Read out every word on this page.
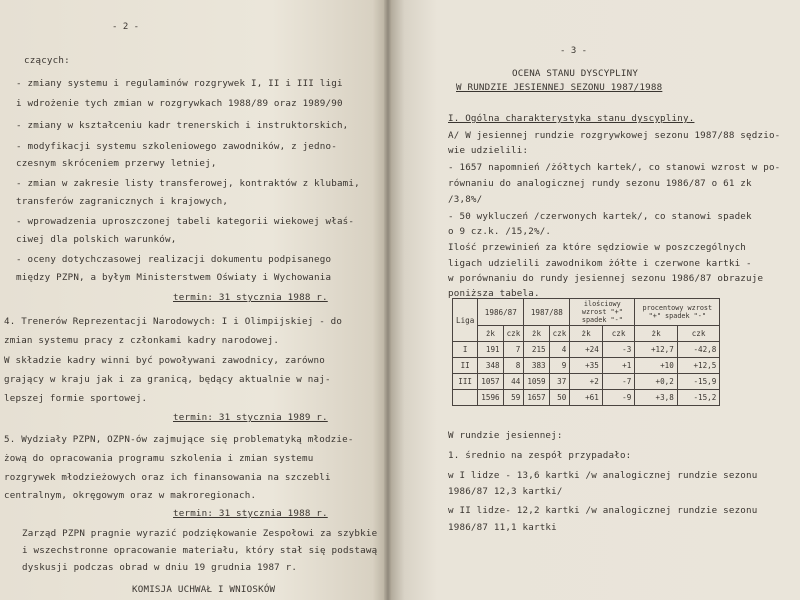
- 2 -
czących:
- zmiany systemu i regulaminów rozgrywek I, II i III ligi
i wdrożenie tych zmian w rozgrywkach 1988/89 oraz 1989/90
- zmiany w kształceniu kadr trenerskich i instruktorskich,
- modyfikacji systemu szkoleniowego zawodników, z jedno-
czesnym skróceniem przerwy letniej,
- zmian w zakresie listy transferowej, kontraktów z klubami,
transferów zagranicznych i krajowych,
- wprowadzenia uproszczonej tabeli kategorii wiekowej właś-
ciwej dla polskich warunków,
- oceny dotychczasowej realizacji dokumentu podpisanego
między PZPN, a byłym Ministerstwem Oświaty i Wychowania
termin: 31 stycznia 1988 r.
4. Trenerów Reprezentacji Narodowych: I i Olimpijskiej - do
zmian systemu pracy z członkami kadry narodowej.
W składzie kadry winni być powoływani zawodnicy, zarówno
grający w kraju jak i za granicą, będący aktualnie w naj-
lepszej formie sportowej.
termin: 31 stycznia 1989 r.
5. Wydziały PZPN, OZPN-ów zajmujące się problematyką młodzie-
żową do opracowania programu szkolenia i zmian systemu
rozgrywek młodzieżowych oraz ich finansowania na szczebli
centralnym, okręgowym oraz w makroregionach.
termin: 31 stycznia 1988 r.
Zarząd PZPN pragnie wyrazić podziękowanie Zespołowi za szybkie
i wszechstronne opracowanie materiału, który stał się podstawą
dyskusji podczas obrad w dniu 19 grudnia 1987 r.
KOMISJA UCHWAŁ I WNIOSKÓW
- 3 -
OCENA STANU DYSCYPLINY
W RUNDZIE JESIENNEJ SEZONU 1987/1988
I. Ogólna charakterystyka stanu dyscypliny.
A/ W jesiennej rundzie rozgrywkowej sezonu 1987/88 sędzio-
wie udzielili:
- 1657 napomnień /żółtych kartek/, co stanowi wzrost w po-
równaniu do analogicznej rundy sezonu 1986/87 o 61 zk
/3,8%/
- 50 wykluczeń /czerwonych kartek/, co stanowi spadek
o 9 cz.k. /15,2%/.
Ilość przewinień za które sędziowie w poszczególnych
ligach udzielili zawodnikom żółte i czerwone kartki -
w porównaniu do rundy jesiennej sezonu 1986/87 obrazuje
poniższa tabela.
Liga	1986/87		1987/88		ilościowy wzrost "+" spadek "-"		procentowy wzrost "+" spadek "-"	
	żk	czk	żk	czk	żk	czk	żk	czk
I	191	7	215	4	+24	-3	+12,7	-42,8
II	348	8	383	9	+35	+1	+10	+12,5
III	1057	44	1059	37	+2	-7	+0,2	-15,9
	1596	59	1657	50	+61	-9	+3,8	-15,2
W rundzie jesiennej:
1. średnio na zespół przypadało:
w I lidze - 13,6 kartki /w analogicznej rundzie sezonu
1986/87 12,3 kartki/
w II lidze- 12,2 kartki /w analogicznej rundzie sezonu
1986/87 11,1 kartki
